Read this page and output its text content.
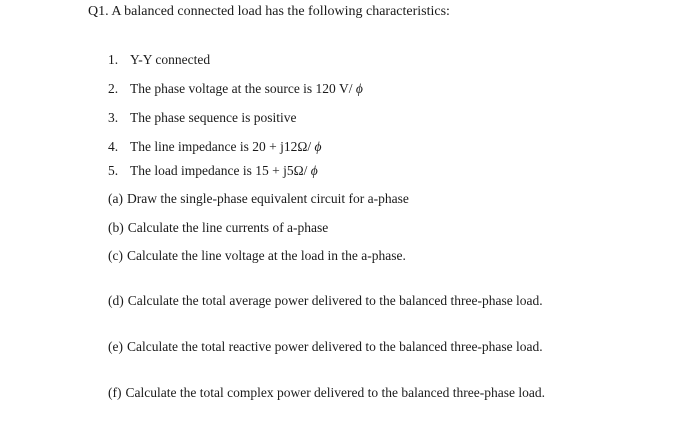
Q1. A balanced connected load has the following characteristics:
1. Y-Y connected
2. The phase voltage at the source is 120 V/ ϕ
3. The phase sequence is positive
4. The line impedance is 20 + j12Ω/ ϕ
5. The load impedance is 15 + j5Ω/ ϕ
(a) Draw the single-phase equivalent circuit for a-phase
(b) Calculate the line currents of a-phase
(c) Calculate the line voltage at the load in the a-phase.
(d) Calculate the total average power delivered to the balanced three-phase load.
(e) Calculate the total reactive power delivered to the balanced three-phase load.
(f) Calculate the total complex power delivered to the balanced three-phase load.
